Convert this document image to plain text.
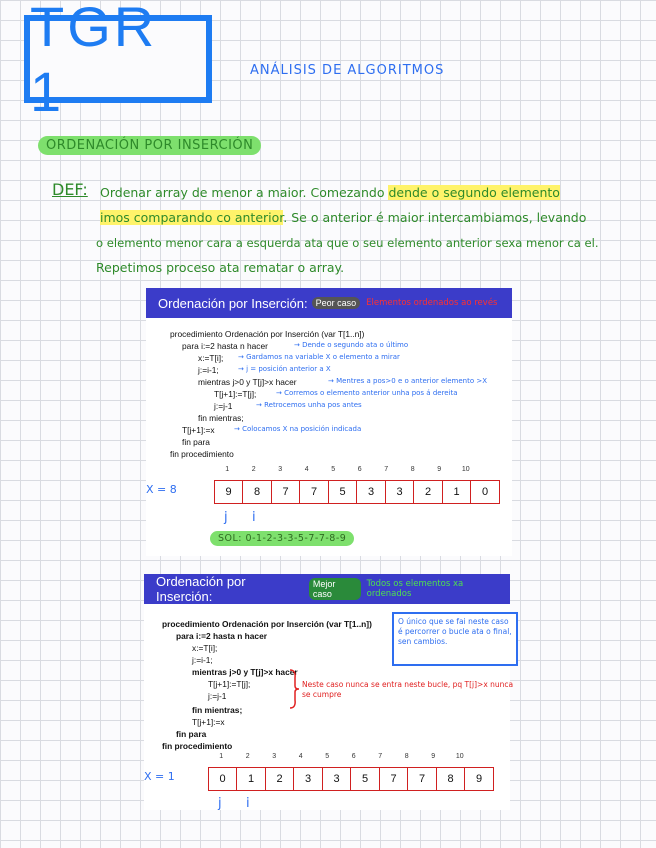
TGR 1	ANÁLISIS DE ALGORITMOS
ORDENACIÓN POR INSERCIÓN
DEF: Ordenar array de menor a maior. Comezando dende o segundo elemento
imos comparando co anterior. Se o anterior é maior intercambiamos, levando
o elemento menor cara a esquerda ata que o seu elemento anterior sexa menor ca el.
Repetimos proceso ata rematar o array.
Ordenación por Inserción: Peor caso	Elementos ordenados ao revés
procedimiento Ordenación por Inserción (var T[1..n])
para i:=2 hasta n hacer
x:=T[i];
j:=i-1;
mientras j>0 y T[j]>x hacer
T[j+1]:=T[j];
j:=j-1
fin mientras;
T[j+1]:=x
fin para
fin procedimiento
→ Dende o segundo ata o último
→ Gardamos na variable X o elemento a mirar
→ j = posición anterior a X
→ Mentres a pos>0 e o anterior elemento >X
→ Corremos o elemento anterior unha pos á dereita
→ Retrocemos unha pos antes
→ Colocamos X na posición indicada
X = 8
1	2	3	4	5	6	7	8	9	10
9	8	7	7	5	3	3	2	1	0
j i
SOL: 0-1-2-3-3-5-7-7-8-9
Ordenación por Inserción:
Mejor caso
Todos os elementos xa ordenados
procedimiento Ordenación por Inserción (var T[1..n])
para i:=2 hasta n hacer
x:=T[i];
j:=i-1;
mientras j>0 y T[j]>x hacer
T[j+1]:=T[j];
j:=j-1
fin mientras;
T[j+1]:=x
fin para
fin procedimiento
O único que se fai neste caso é percorrer o bucle ata o final, sen cambios.
Neste caso nunca se entra neste bucle, pq T[j]>x nunca se cumpre
X = 1
1	2	3	4	5	6	7	8	9	10
0	1	2	3	3	5	7	7	8	9
j i
